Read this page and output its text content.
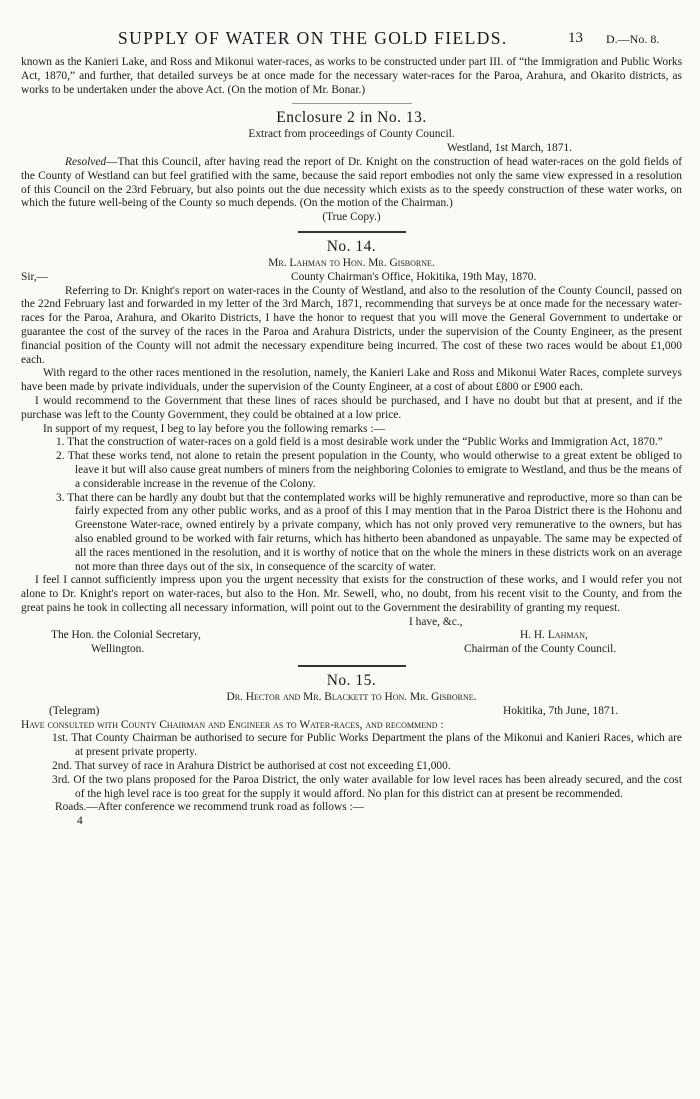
SUPPLY OF WATER ON THE GOLD FIELDS.	13 D.—No. 8.

known as the Kanieri Lake, and Ross and Mikonui water-races, as works to be constructed under part III. of “the Immigration and Public Works Act, 1870,” and further, that detailed surveys be at once made for the necessary water-races for the Paroa, Arahura, and Okarito districts, as works to be undertaken under the above Act. (On the motion of Mr. Bonar.)

Enclosure 2 in No. 13.

Extract from proceedings of County Council.

Westland, 1st March, 1871.

Resolved—That this Council, after having read the report of Dr. Knight on the construction of head water-races on the gold fields of the County of Westland can but feel gratified with the same, because the said report embodies not only the same view expressed in a resolution of this Council on the 23rd February, but also points out the due necessity which exists as to the speedy construction of these water works, on which the future well-being of the County so much depends. (On the motion of the Chairman.)

(True Copy.)

No. 14.

Mr. Lahman to Hon. Mr. Gisborne.

Sir,—	County Chairman's Office, Hokitika, 19th May, 1870.

Referring to Dr. Knight's report on water-races in the County of Westland, and also to the resolution of the County Council, passed on the 22nd February last and forwarded in my letter of the 3rd March, 1871, recommending that surveys be at once made for the necessary water-races for the Paroa, Arahura, and Okarito Districts, I have the honor to request that you will move the General Government to undertake or guarantee the cost of the survey of the races in the Paroa and Arahura Districts, under the supervision of the County Engineer, as the present financial position of the County will not admit the necessary expenditure being incurred. The cost of these two races would be about £1,000 each.

With regard to the other races mentioned in the resolution, namely, the Kanieri Lake and Ross and Mikonui Water Races, complete surveys have been made by private individuals, under the supervision of the County Engineer, at a cost of about £800 or £900 each.

I would recommend to the Government that these lines of races should be purchased, and I have no doubt but that at present, and if the purchase was left to the County Government, they could be obtained at a low price.

In support of my request, I beg to lay before you the following remarks :—

1. That the construction of water-races on a gold field is a most desirable work under the “Public Works and Immigration Act, 1870.”

2. That these works tend, not alone to retain the present population in the County, who would otherwise to a great extent be obliged to leave it but will also cause great numbers of miners from the neighboring Colonies to emigrate to Westland, and thus be the means of a considerable increase in the revenue of the Colony.

3. That there can be hardly any doubt but that the contemplated works will be highly remunerative and reproductive, more so than can be fairly expected from any other public works, and as a proof of this I may mention that in the Paroa District there is the Hohonu and Greenstone Water-race, owned entirely by a private company, which has not only proved very remunerative to the owners, but has also enabled ground to be worked with fair returns, which has hitherto been abandoned as unpayable. The same may be expected of all the races mentioned in the resolution, and it is worthy of notice that on the whole the miners in these districts work on an average not more than three days out of the six, in consequence of the scarcity of water.

I feel I cannot sufficiently impress upon you the urgent necessity that exists for the construction of these works, and I would refer you not alone to Dr. Knight's report on water-races, but also to the Hon. Mr. Sewell, who, no doubt, from his recent visit to the County, and from the great pains he took in collecting all necessary information, will point out to the Government the desirability of granting my request.

I have, &c.,

The Hon. the Colonial Secretary,	H. H. Lahman,
Wellington.	Chairman of the County Council.

No. 15.

Dr. Hector and Mr. Blackett to Hon. Mr. Gisborne.

(Telegram)	Hokitika, 7th June, 1871.

Have consulted with County Chairman and Engineer as to Water-races, and recommend :

1st. That County Chairman be authorised to secure for Public Works Department the plans of the Mikonui and Kanieri Races, which are at present private property.

2nd. That survey of race in Arahura District be authorised at cost not exceeding £1,000.

3rd. Of the two plans proposed for the Paroa District, the only water available for low level races has been already secured, and the cost of the high level race is too great for the supply it would afford. No plan for this district can at present be recommended.

Roads.—After conference we recommend trunk road as follows :—

4
